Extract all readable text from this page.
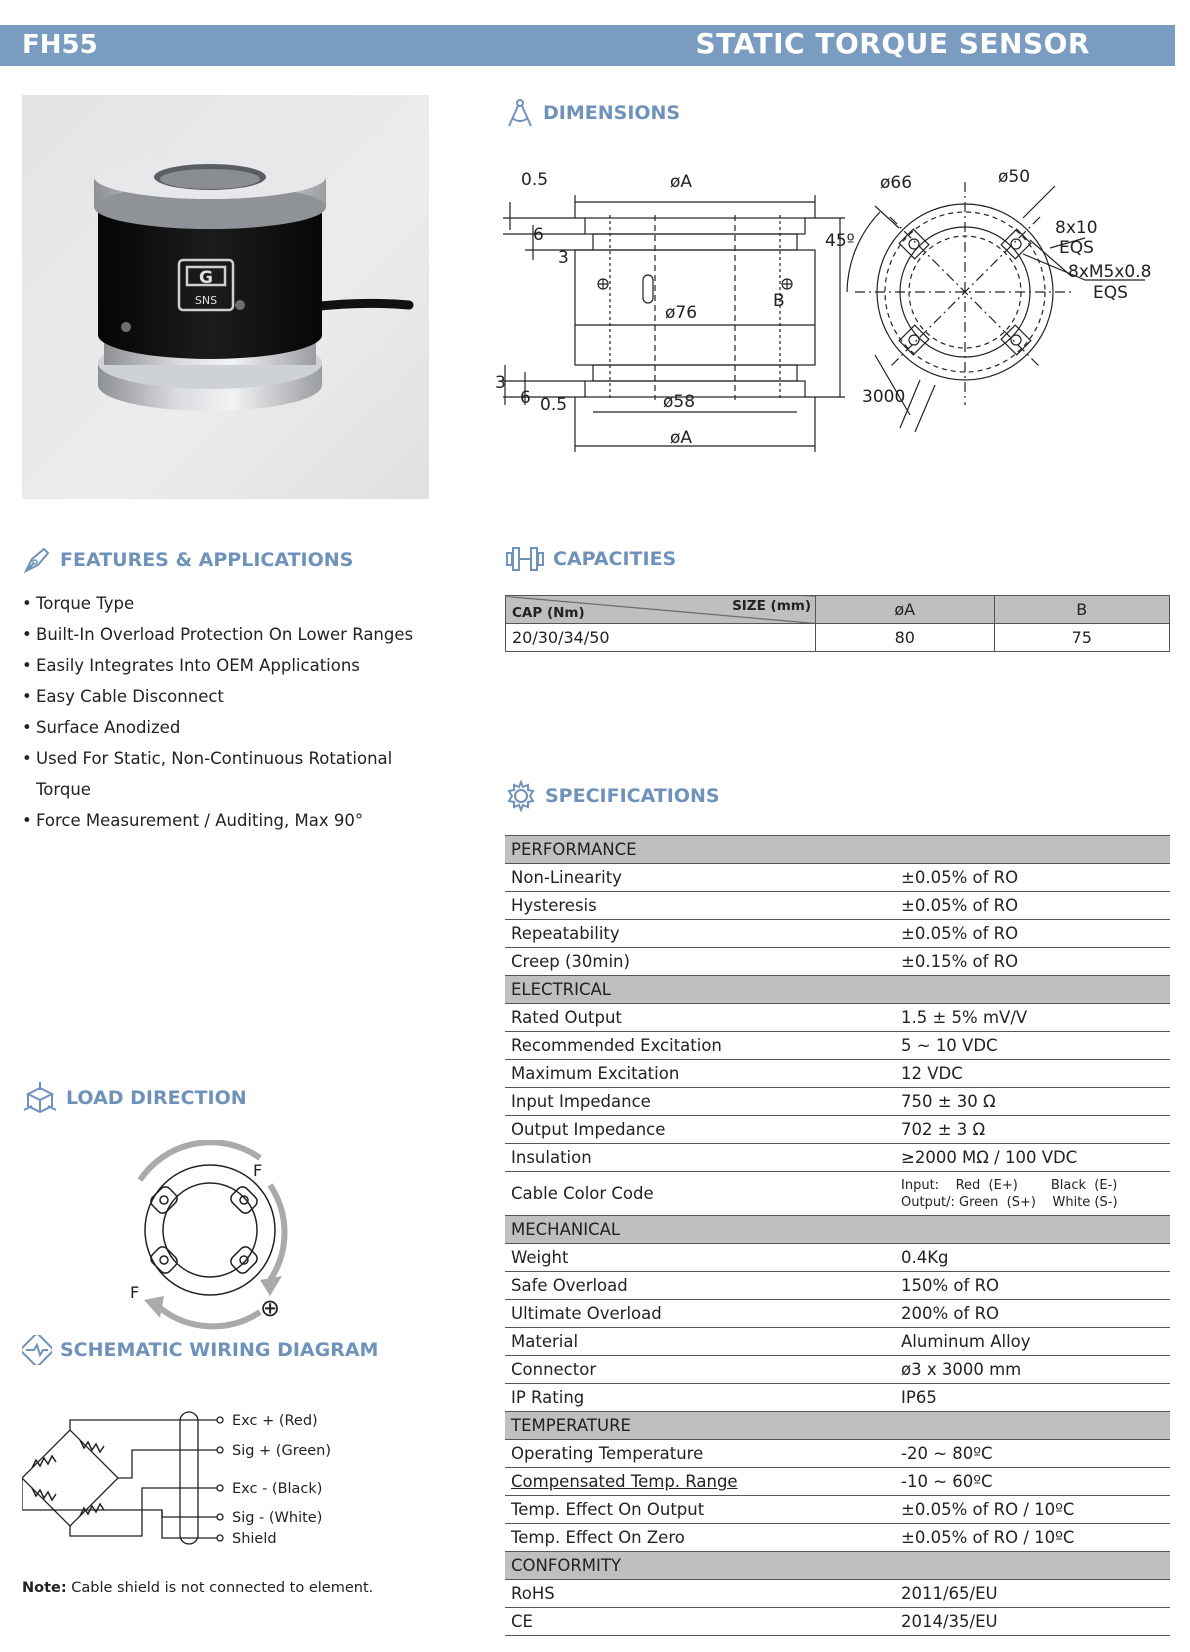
FH55	STATIC TORQUE SENSOR
G
SNS
DIMENSIONS
0.5	øA	ø66	ø50
6
3
45º
8x10
EQS
8xM5x0.8
EQS
B
ø76
3
6 0.5	ø58
øA
3000
FEATURES & APPLICATIONS
• Torque Type
• Built-In Overload Protection On Lower Ranges
• Easily Integrates Into OEM Applications
• Easy Cable Disconnect
• Surface Anodized
• Used For Static, Non-Continuous Rotational Torque
• Force Measurement / Auditing, Max 90°
CAPACITIES
CAP (Nm) SIZE (mm)	øA	B
20/30/34/50	80	75
SPECIFICATIONS
PERFORMANCE	
Non-Linearity	±0.05% of RO
Hysteresis	±0.05% of RO
Repeatability	±0.05% of RO
Creep (30min)	±0.15% of RO
ELECTRICAL	
Rated Output	1.5 ± 5% mV/V
Recommended Excitation	5 ~ 10 VDC
Maximum Excitation	12 VDC
Input Impedance	750 ± 30 Ω
Output Impedance	702 ± 3 Ω
Insulation	≥2000 MΩ / 100 VDC
Cable Color Code	Input:    Red  (E+)        Black  (E-)
Output/: Green  (S+)    White (S-)

MECHANICAL	
Weight	0.4Kg
Safe Overload	150% of RO
Ultimate Overload	200% of RO
Material	Aluminum Alloy
Connector	ø3 x 3000 mm
IP Rating	IP65
TEMPERATURE	
Operating Temperature	-20 ~ 80ºC
Compensated Temp. Range	-10 ~ 60ºC
Temp. Effect On Output	±0.05% of RO / 10ºC
Temp. Effect On Zero	±0.05% of RO / 10ºC
CONFORMITY	
RoHS	2011/65/EU
CE	2014/35/EU
LOAD DIRECTION
F
F
⊕
SCHEMATIC WIRING DIAGRAM
Exc + (Red)
Sig + (Green)
Exc - (Black)
Sig - (White)
Shield
Note: Cable shield is not connected to element.
